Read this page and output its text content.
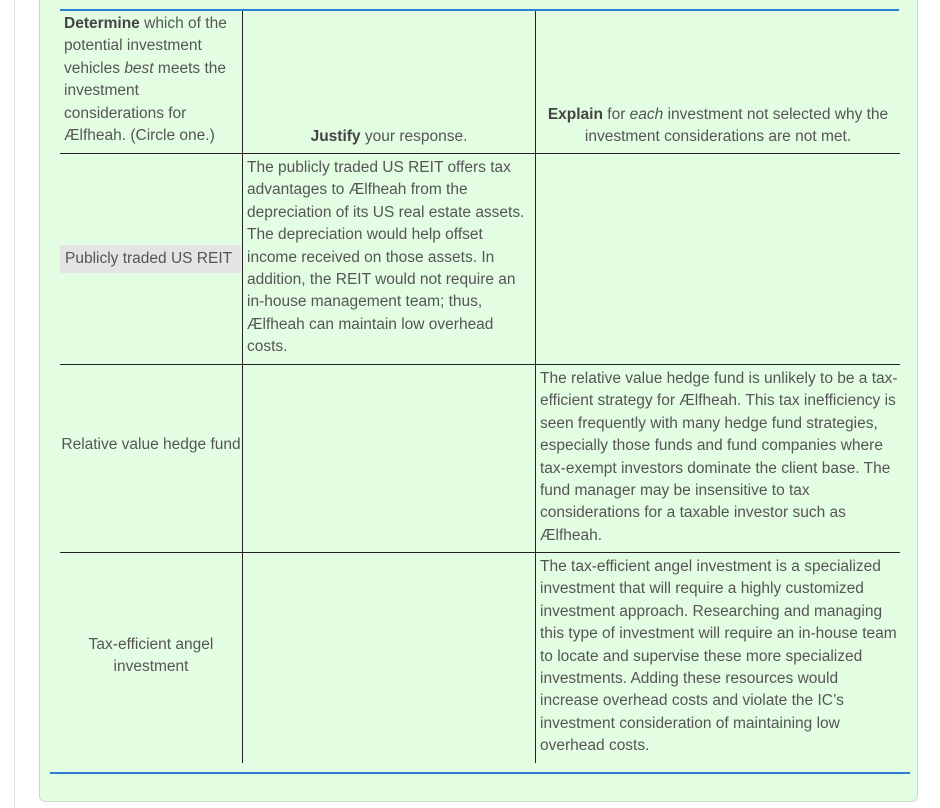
Determine which of the potential investment vehicles best meets the investment considerations for Ælfheah. (Circle one.)	Justify your response.
Explain for each investment not selected why the investment considerations are not met.
Publicly traded US REIT
The publicly traded US REIT offers tax advantages to Ælfheah from the depreciation of its US real estate assets. The depreciation would help offset income received on those assets. In addition, the REIT would not require an in-house management team; thus, Ælfheah can maintain low overhead costs.
Relative value hedge fund
The relative value hedge fund is unlikely to be a tax-efficient strategy for Ælfheah. This tax inefficiency is seen frequently with many hedge fund strategies, especially those funds and fund companies where tax-exempt investors dominate the client base. The fund manager may be insensitive to tax considerations for a taxable investor such as Ælfheah.
Tax-efficient angel investment
The tax-efficient angel investment is a specialized investment that will require a highly customized investment approach. Researching and managing this type of investment will require an in-house team to locate and supervise these more specialized investments. Adding these resources would increase overhead costs and violate the IC’s investment consideration of maintaining low overhead costs.
